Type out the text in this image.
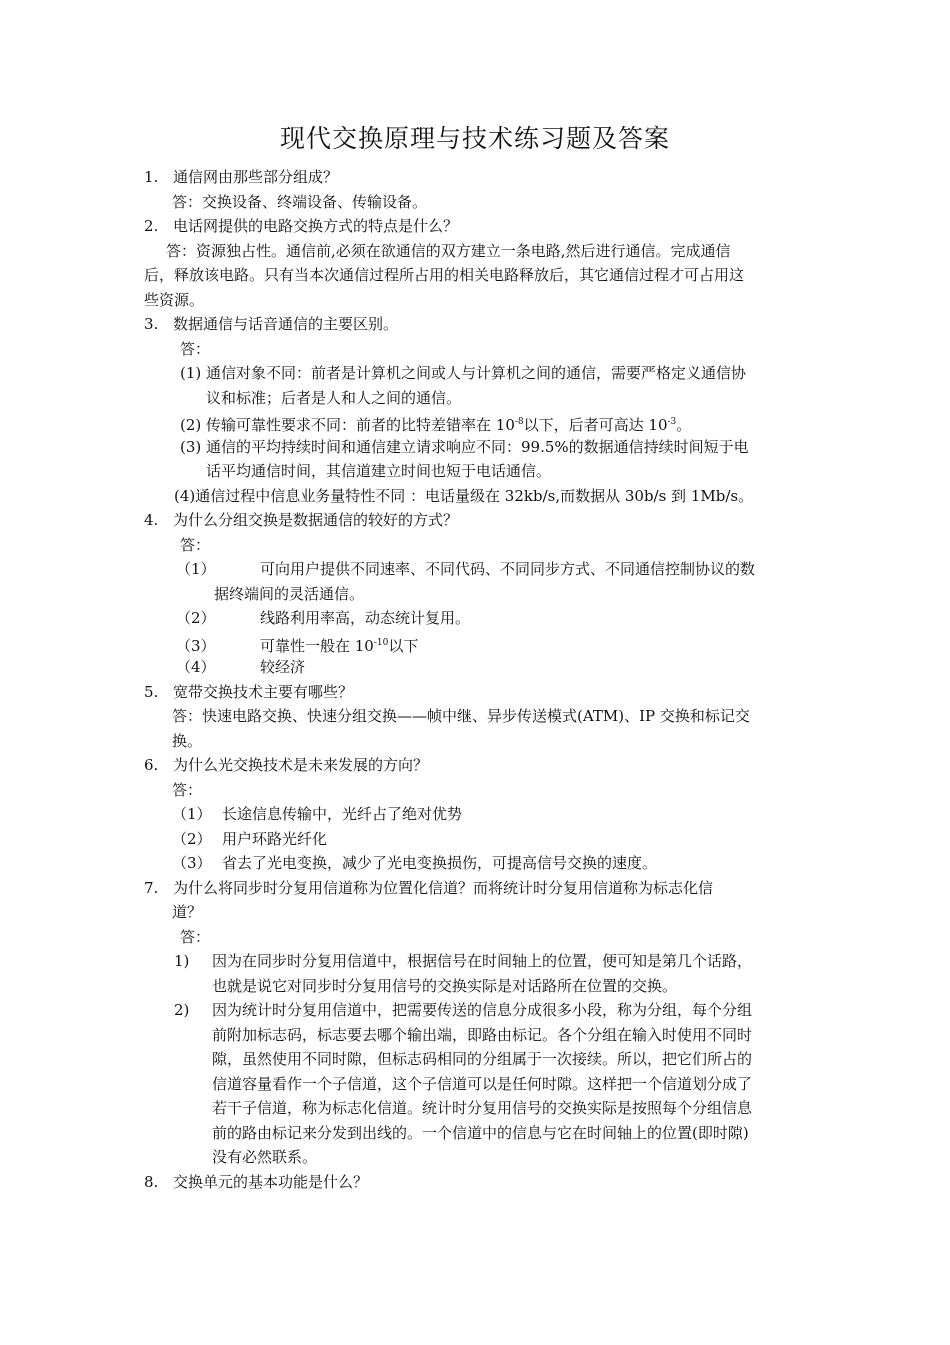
现代交换原理与技术练习题及答案
1. 通信网由那些部分组成？
答：交换设备、终端设备、传输设备。
2. 电话网提供的电路交换方式的特点是什么？
答：资源独占性。通信前,必须在欲通信的双方建立一条电路,然后进行通信。完成通信
后，释放该电路。只有当本次通信过程所占用的相关电路释放后，其它通信过程才可占用这
些资源。
3. 数据通信与话音通信的主要区别。
答：
(1) 通信对象不同：前者是计算机之间或人与计算机之间的通信，需要严格定义通信协
议和标准；后者是人和人之间的通信。
(2) 传输可靠性要求不同：前者的比特差错率在 $10^{-8}$以下，后者可高达 $10^{-3}$。
(3) 通信的平均持续时间和通信建立请求响应不同：99.5%的数据通信持续时间短于电
话平均通信时间，其信道建立时间也短于电话通信。
(4)通信过程中信息业务量特性不同 ：电话量级在 32kb/s,而数据从 30b/s 到 1Mb/s。
4. 为什么分组交换是数据通信的较好的方式？
答：
（1）	可向用户提供不同速率、不同代码、不同同步方式、不同通信控制协议的数
据终端间的灵活通信。
（2）	线路利用率高，动态统计复用。
（3）	可靠性一般在 $10^{-10}$以下
（4）	较经济
5. 宽带交换技术主要有哪些？
答：快速电路交换、快速分组交换——帧中继、异步传送模式(ATM)、IP 交换和标记交
换。
6. 为什么光交换技术是未来发展的方向？
答：
（1） 长途信息传输中，光纤占了绝对优势
（2） 用户环路光纤化
（3） 省去了光电变换，减少了光电变换损伤，可提高信号交换的速度。
7. 为什么将同步时分复用信道称为位置化信道？而将统计时分复用信道称为标志化信
道？
答：
1) 因为在同步时分复用信道中，根据信号在时间轴上的位置，便可知是第几个话路，
也就是说它对同步时分复用信号的交换实际是对话路所在位置的交换。
2) 因为统计时分复用信道中，把需要传送的信息分成很多小段，称为分组，每个分组
前附加标志码，标志要去哪个输出端，即路由标记。各个分组在输入时使用不同时
隙，虽然使用不同时隙，但标志码相同的分组属于一次接续。所以，把它们所占的
信道容量看作一个子信道，这个子信道可以是任何时隙。这样把一个信道划分成了
若干子信道，称为标志化信道。统计时分复用信号的交换实际是按照每个分组信息
前的路由标记来分发到出线的。一个信道中的信息与它在时间轴上的位置(即时隙)
没有必然联系。
8. 交换单元的基本功能是什么？
